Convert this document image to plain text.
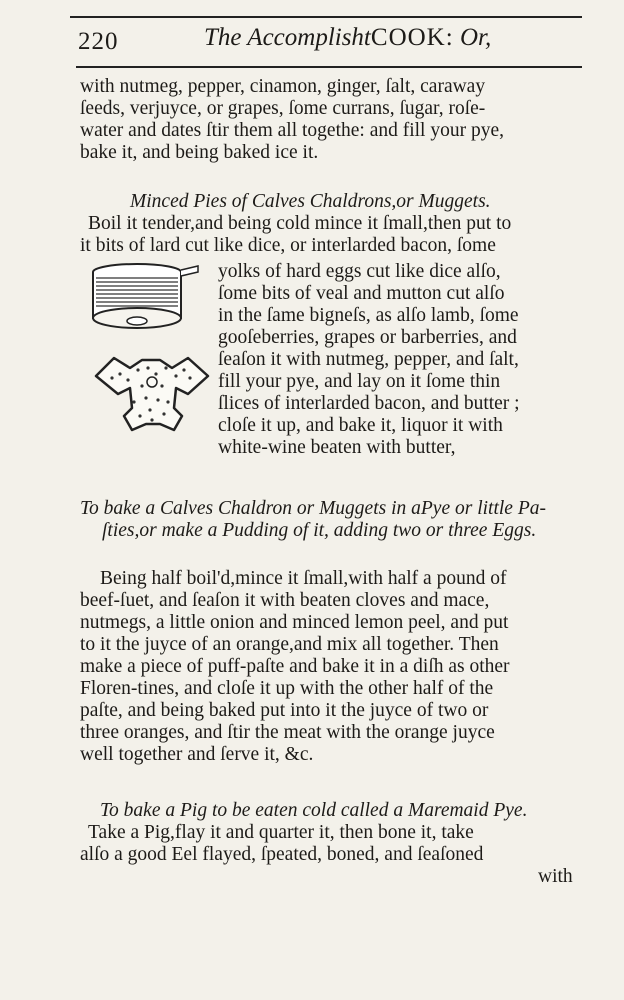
220	The AccomplishtCOOK: Or,
with nutmeg, pepper, cinamon, ginger, ſalt, caraway
ſeeds, verjuyce, or grapes, ſome currans, ſugar, roſe-
water and dates ſtir them all togethe: and fill your pye,
bake it, and being baked ice it.
Minced Pies of Calves Chaldrons,or Muggets.
Boil it tender,and being cold mince it ſmall,then put to
it bits of lard cut like dice, or interlarded bacon, ſome
yolks of hard eggs cut like dice alſo,
ſome bits of veal and mutton cut alſo
in the ſame bigneſs, as alſo lamb, ſome
gooſeberries, grapes or barberries, and
ſeaſon it with nutmeg, pepper, and ſalt,
fill your pye, and lay on it ſome thin
ſlices of interlarded bacon, and butter ;
cloſe it up, and bake it, liquor it with
white-wine beaten with butter,
To bake a Calves Chaldron or Muggets in aPye or little Pa-
ſties,or make a Pudding of it, adding two or three Eggs.
Being half boil'd,mince it ſmall,with half a pound of
beef-ſuet, and ſeaſon it with beaten cloves and mace,
nutmegs, a little onion and minced lemon peel, and put
to it the juyce of an orange,and mix all together. Then
make a piece of puff-paſte and bake it in a diſh as other
Floren-tines, and cloſe it up with the other half of the
paſte, and being baked put into it the juyce of two or
three oranges, and ſtir the meat with the orange juyce
well together and ſerve it, &c.
To bake a Pig to be eaten cold called a Maremaid Pye.
Take a Pig,flay it and quarter it, then bone it, take
alſo a good Eel flayed, ſpeated, boned, and ſeaſoned
with
